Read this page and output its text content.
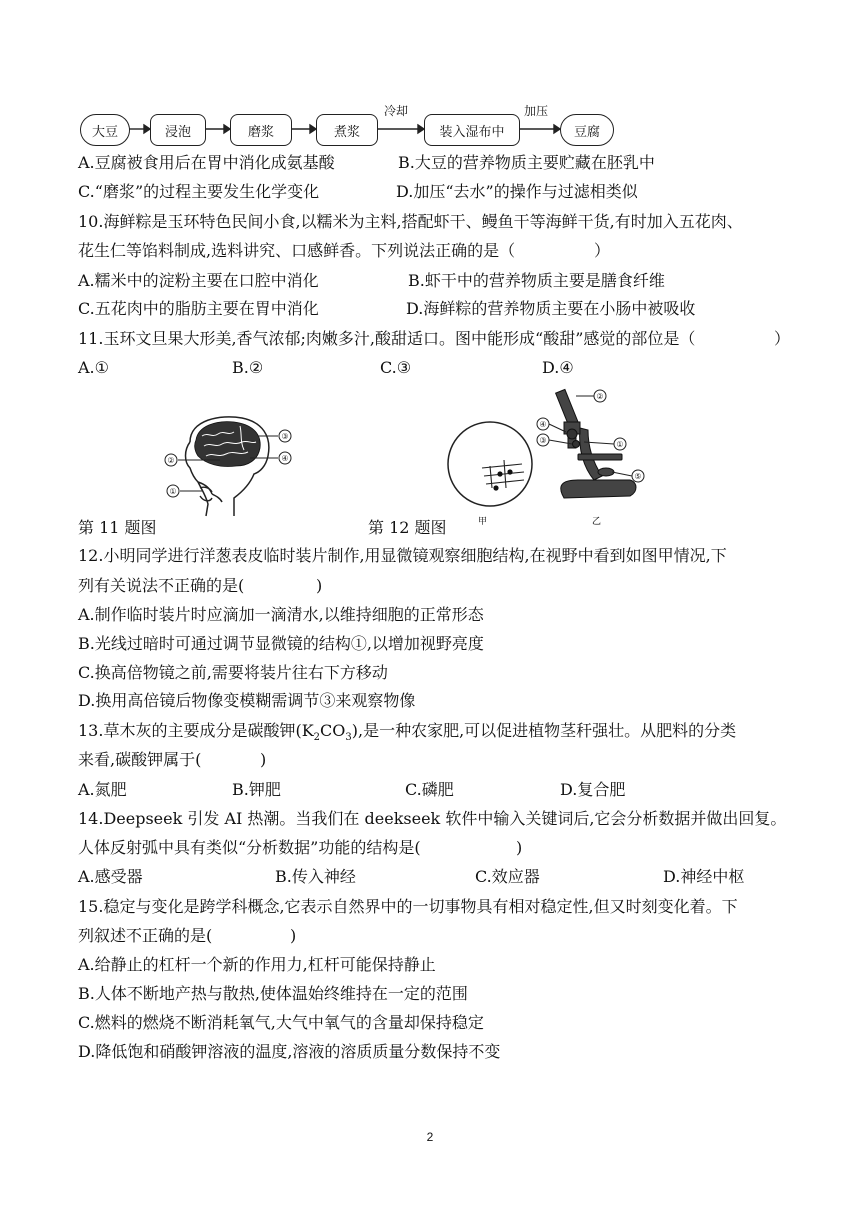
大豆	浸泡	磨浆	煮浆
冷却
装入湿布中
加压
豆腐
A.豆腐被食用后在胃中消化成氨基酸	B.大豆的营养物质主要贮藏在胚乳中
C.“磨浆”的过程主要发生化学变化	D.加压“去水”的操作与过滤相类似
10.海鲜粽是玉环特色民间小食,以糯米为主料,搭配虾干、鳗鱼干等海鲜干货,有时加入五花肉、
花生仁等馅料制成,选料讲究、口感鲜香。下列说法正确的是（	）
A.糯米中的淀粉主要在口腔中消化	B.虾干中的营养物质主要是膳食纤维
C.五花肉中的脂肪主要在胃中消化	D.海鲜粽的营养物质主要在小肠中被吸收
11.玉环文旦果大形美,香气浓郁;肉嫩多汁,酸甜适口。图中能形成“酸甜”感觉的部位是（	）
A.①	B.②	C.③	D.④
③
④
②
①
甲
②
④
③	①
⑤
乙
第 11 题图	第 12 题图
12.小明同学进行洋葱表皮临时装片制作,用显微镜观察细胞结构,在视野中看到如图甲情况,下
列有关说法不正确的是(	)
A.制作临时装片时应滴加一滴清水,以维持细胞的正常形态
B.光线过暗时可通过调节显微镜的结构①,以增加视野亮度
C.换高倍物镜之前,需要将装片往右下方移动
D.换用高倍镜后物像变模糊需调节③来观察物像
13.草木灰的主要成分是碳酸钾$(K_2CO_3)$,是一种农家肥,可以促进植物茎秆强壮。从肥料的分类
来看,碳酸钾属于(	)
A.氮肥	B.钾肥	C.磷肥	D.复合肥
14.Deepseek 引发 AI 热潮。当我们在 deekseek 软件中输入关键词后,它会分析数据并做出回复。
人体反射弧中具有类似“分析数据”功能的结构是(	)
A.感受器	B.传入神经	C.效应器	D.神经中枢
15.稳定与变化是跨学科概念,它表示自然界中的一切事物具有相对稳定性,但又时刻变化着。下
列叙述不正确的是(	)
A.给静止的杠杆一个新的作用力,杠杆可能保持静止
B.人体不断地产热与散热,使体温始终维持在一定的范围
C.燃料的燃烧不断消耗氧气,大气中氧气的含量却保持稳定
D.降低饱和硝酸钾溶液的温度,溶液的溶质质量分数保持不变
2
